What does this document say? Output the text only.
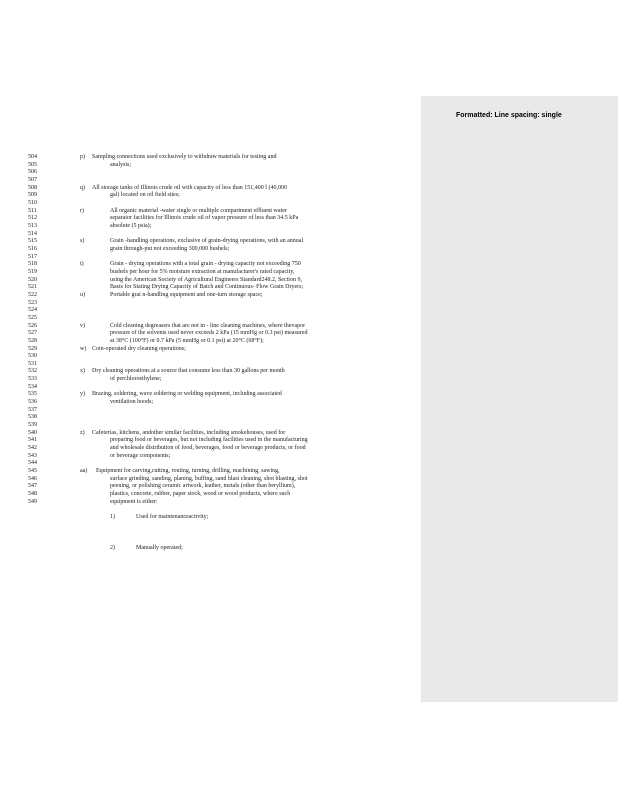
Formatted: Line spacing: single
504
505
506
507
508
509
510
511
512
513
514
515
516
517
518
519
520
521
522
523
524
525
526
527
528
529
530
531
532
533
534
535
536
537
538
539
540
541
542
543
544
545
546
547
548
549
p) Sampling connections used exclusively to withdraw materials for testing and
analysis;
q) All storage tanks of Illinois crude oil with capacity of less than 151,400 l (40,000
gal) located on oil field sites;
r)	All organic material -water single or multiple compartment effluent water
separator facilities for Illinois crude oil of vapor pressure of less than 34.5 kPa
absolute (5 psia);
s)	Grain -handling operations, exclusive of grain-drying operations, with an annual
grain through-put not exceeding 300,000 bushels;
t)	Grain - drying operations with a total grain - drying capacity not exceeding 750
bushels per hour for 5% moisture extraction at manufacturer's rated capacity,
using the American Society of Agricultural Engineers Standard248.2, Section 9,
Basis for Stating Drying Capacity of Batch and Continuous- Flow Grain Dryers;
u)	Portable grai n-handling equipment and one-turn storage space;
v)	Cold cleaning degreasers that are not in - line cleaning machines, where thevapor
pressure of the solvents used never exceeds 2 kPa (15 mmHg or 0.3 psi) measured
at 38°C (100°F) or 0.7 kPa (5 mmHg or 0.1 psi) at 20°C (68°F);
w) Coin-operated dry cleaning operations;
x) Dry cleaning operations at a source that consume less than 30 gallons per month
of perchloroethylene;
y) Brazing, soldering, wave soldering or welding equipment, including associated
ventilation hoods;
z) Cafeterias, kitchens, andother similar facilities, including smokehouses, used for
preparing food or beverages, but not including facilities used in the manufacturing
and wholesale distribution of food, beverages, food or beverage products, or food
or beverage components;
aa) Equipment for carving,cutting, routing, turning, drilling, machining, sawing,
surface grinding, sanding, planing, buffing, sand blast cleaning, shot blasting, shot
peening, or polishing ceramic artwork, leather, metals (other than beryllium),
plastics, concrete, rubber, paper stock, wood or wood products, where such
equipment is either:
1)	Used for maintenanceactivity;
2)	Manually operated;
